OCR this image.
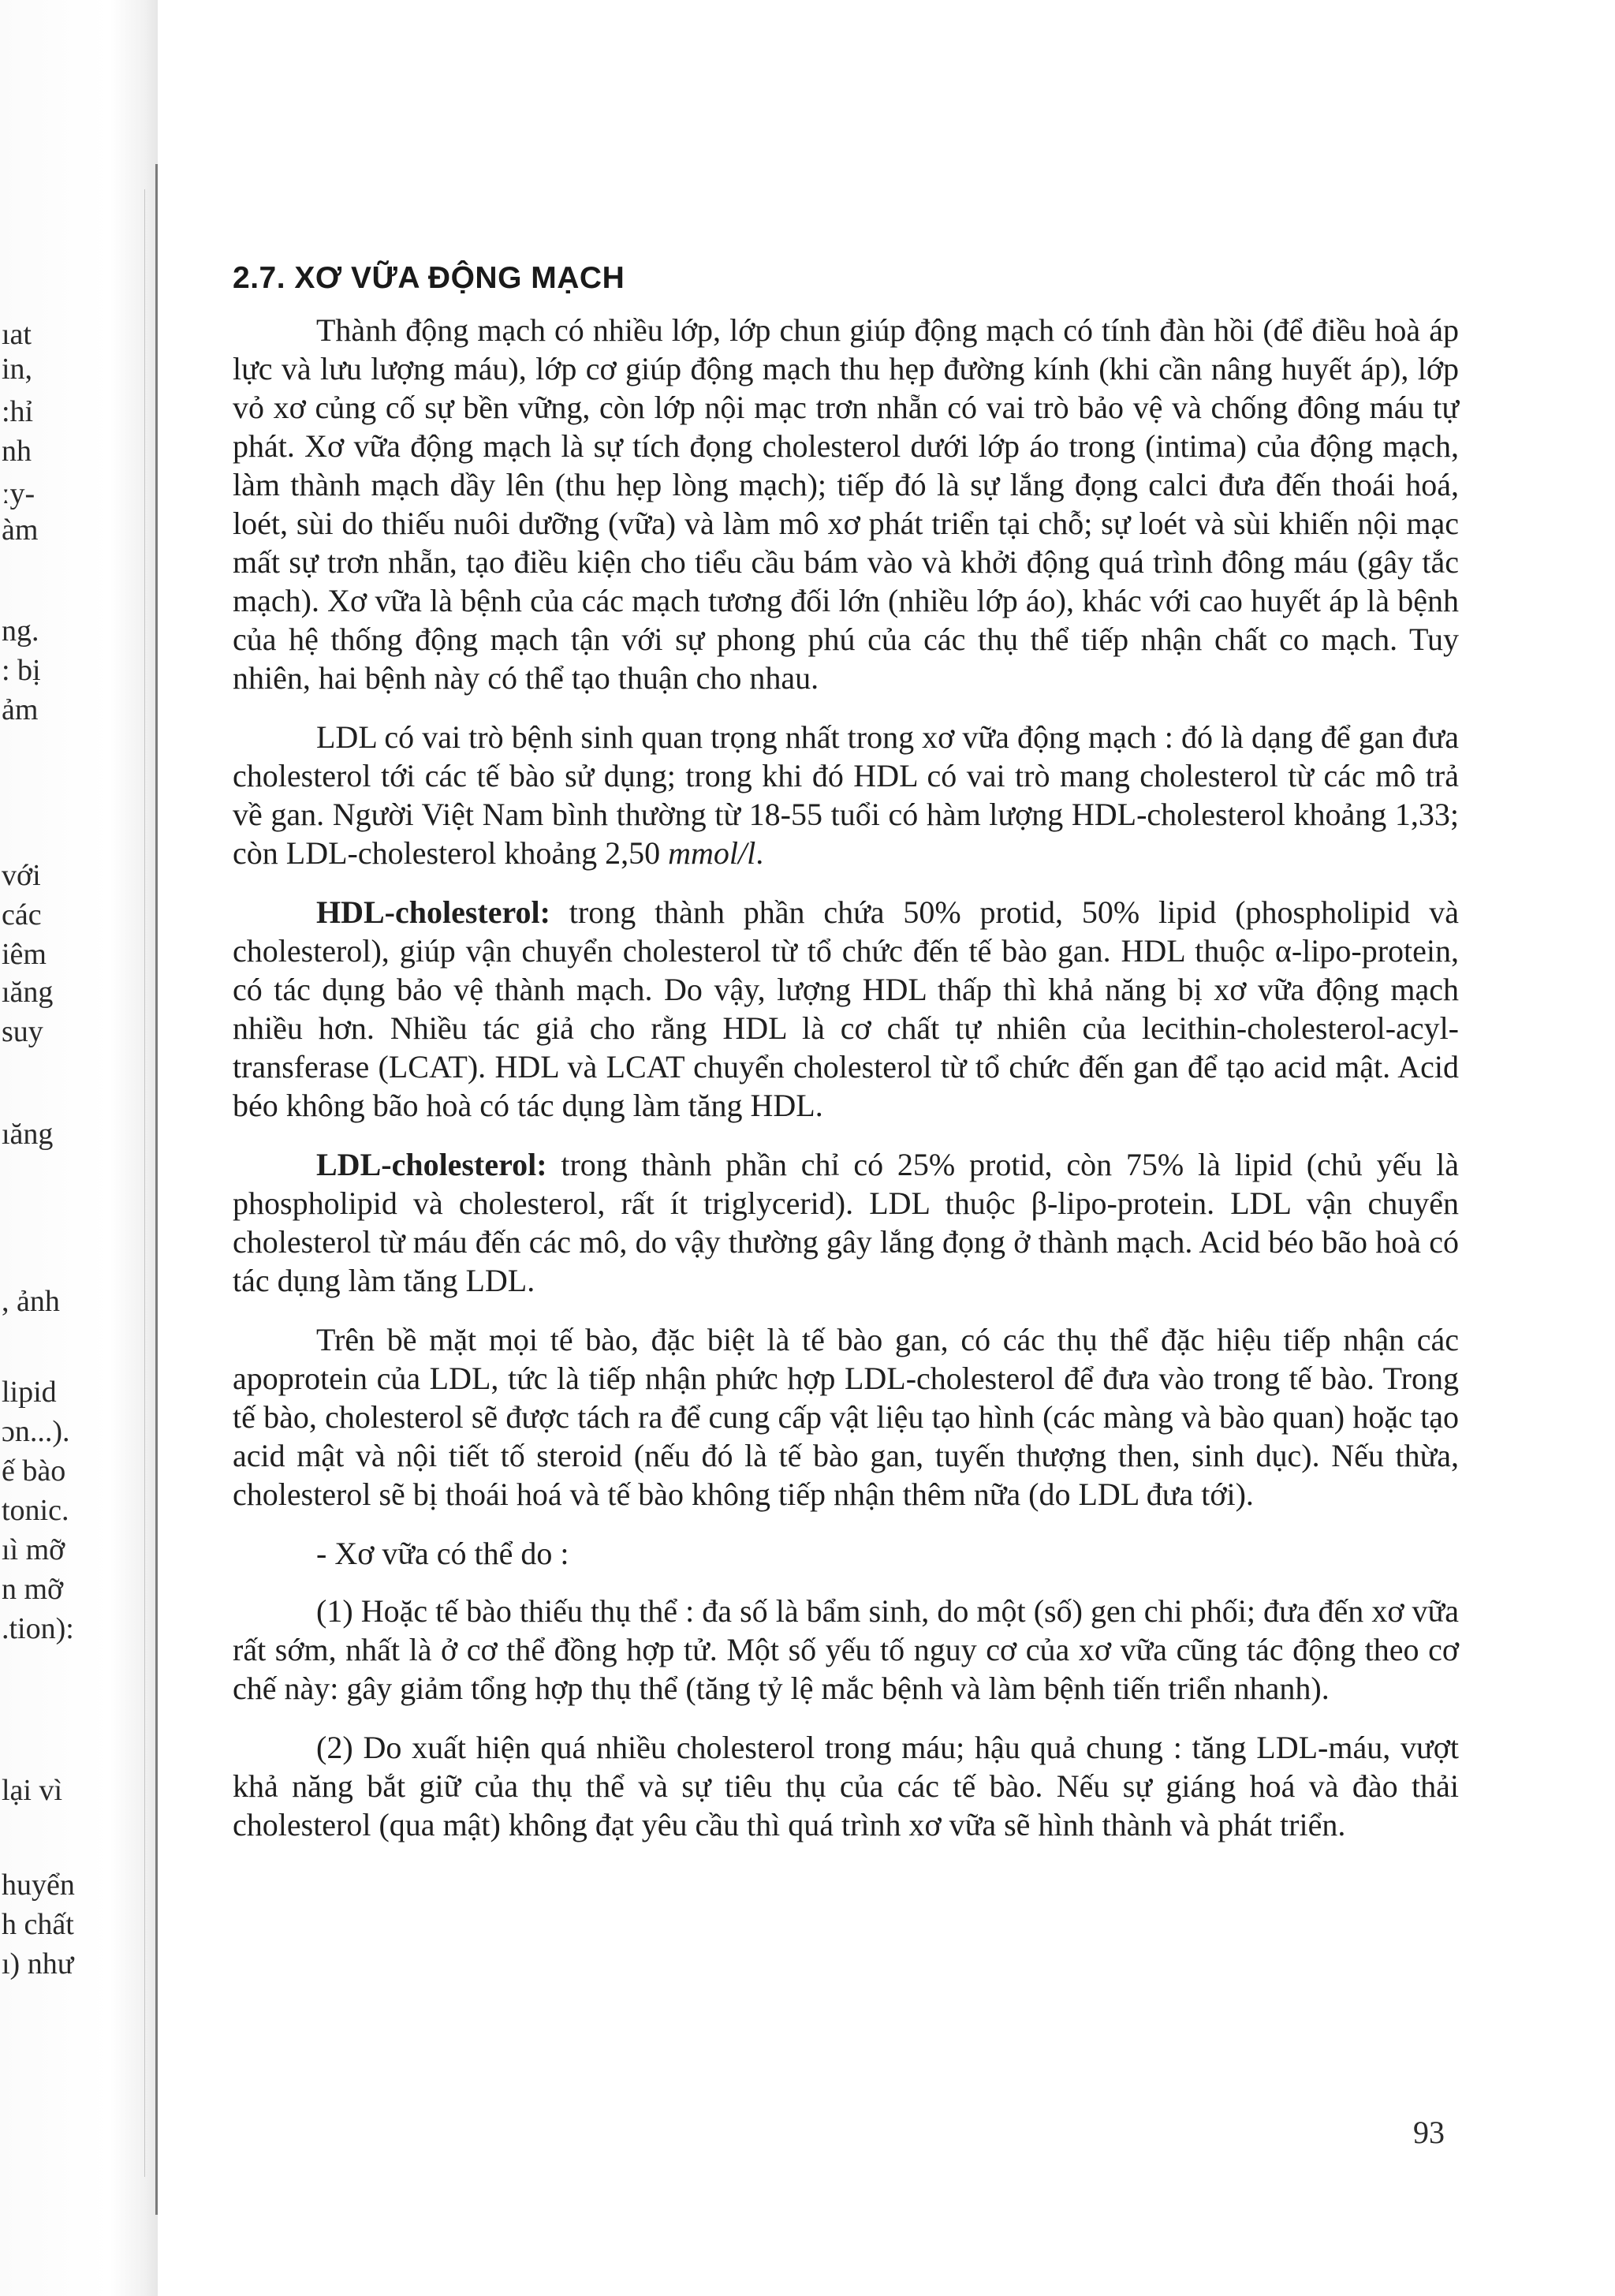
ıat
in,
:hỉ
nh
ːy-
àm
ng.
: bị
ảm
với
các
iêm
ıăng
suy
ıăng
, ảnh
lipid
ɔn...).
ế bào
tonic.
ıì mỡ
n mỡ
.tion):
lại vì
huyển
h chất
ı) như
2.7. XƠ VỮA ĐỘNG MẠCH

Thành động mạch có nhiều lớp, lớp chun giúp động mạch có tính đàn hồi (để điều hoà áp lực và lưu lượng máu), lớp cơ giúp động mạch thu hẹp đường kính (khi cần nâng huyết áp), lớp vỏ xơ củng cố sự bền vững, còn lớp nội mạc trơn nhẵn có vai trò bảo vệ và chống đông máu tự phát. Xơ vữa động mạch là sự tích đọng cholesterol dưới lớp áo trong (intima) của động mạch, làm thành mạch dầy lên (thu hẹp lòng mạch); tiếp đó là sự lắng đọng calci đưa đến thoái hoá, loét, sùi do thiếu nuôi dưỡng (vữa) và làm mô xơ phát triển tại chỗ; sự loét và sùi khiến nội mạc mất sự trơn nhẵn, tạo điều kiện cho tiểu cầu bám vào và khởi động quá trình đông máu (gây tắc mạch). Xơ vữa là bệnh của các mạch tương đối lớn (nhiều lớp áo), khác với cao huyết áp là bệnh của hệ thống động mạch tận với sự phong phú của các thụ thể tiếp nhận chất co mạch. Tuy nhiên, hai bệnh này có thể tạo thuận cho nhau.

LDL có vai trò bệnh sinh quan trọng nhất trong xơ vữa động mạch : đó là dạng để gan đưa cholesterol tới các tế bào sử dụng; trong khi đó HDL có vai trò mang cholesterol từ các mô trả về gan. Người Việt Nam bình thường từ 18-55 tuổi có hàm lượng HDL-cholesterol khoảng 1,33; còn LDL-cholesterol khoảng 2,50 mmol/l.

HDL-cholesterol: trong thành phần chứa 50% protid, 50% lipid (phospholipid và cholesterol), giúp vận chuyển cholesterol từ tổ chức đến tế bào gan. HDL thuộc α-lipo-protein, có tác dụng bảo vệ thành mạch. Do vậy, lượng HDL thấp thì khả năng bị xơ vữa động mạch nhiều hơn. Nhiều tác giả cho rằng HDL là cơ chất tự nhiên của lecithin-cholesterol-acyl-transferase (LCAT). HDL và LCAT chuyển cholesterol từ tổ chức đến gan để tạo acid mật. Acid béo không bão hoà có tác dụng làm tăng HDL.

LDL-cholesterol: trong thành phần chỉ có 25% protid, còn 75% là lipid (chủ yếu là phospholipid và cholesterol, rất ít triglycerid). LDL thuộc β-lipo-protein. LDL vận chuyển cholesterol từ máu đến các mô, do vậy thường gây lắng đọng ở thành mạch. Acid béo bão hoà có tác dụng làm tăng LDL.

Trên bề mặt mọi tế bào, đặc biệt là tế bào gan, có các thụ thể đặc hiệu tiếp nhận các apoprotein của LDL, tức là tiếp nhận phức hợp LDL-cholesterol để đưa vào trong tế bào. Trong tế bào, cholesterol sẽ được tách ra để cung cấp vật liệu tạo hình (các màng và bào quan) hoặc tạo acid mật và nội tiết tố steroid (nếu đó là tế bào gan, tuyến thượng then, sinh dục). Nếu thừa, cholesterol sẽ bị thoái hoá và tế bào không tiếp nhận thêm nữa (do LDL đưa tới).

- Xơ vữa có thể do :

(1) Hoặc tế bào thiếu thụ thể : đa số là bẩm sinh, do một (số) gen chi phối; đưa đến xơ vữa rất sớm, nhất là ở cơ thể đồng hợp tử. Một số yếu tố nguy cơ của xơ vữa cũng tác động theo cơ chế này: gây giảm tổng hợp thụ thể (tăng tỷ lệ mắc bệnh và làm bệnh tiến triển nhanh).

(2) Do xuất hiện quá nhiều cholesterol trong máu; hậu quả chung : tăng LDL-máu, vượt khả năng bắt giữ của thụ thể và sự tiêu thụ của các tế bào. Nếu sự giáng hoá và đào thải cholesterol (qua mật) không đạt yêu cầu thì quá trình xơ vữa sẽ hình thành và phát triển.

93
